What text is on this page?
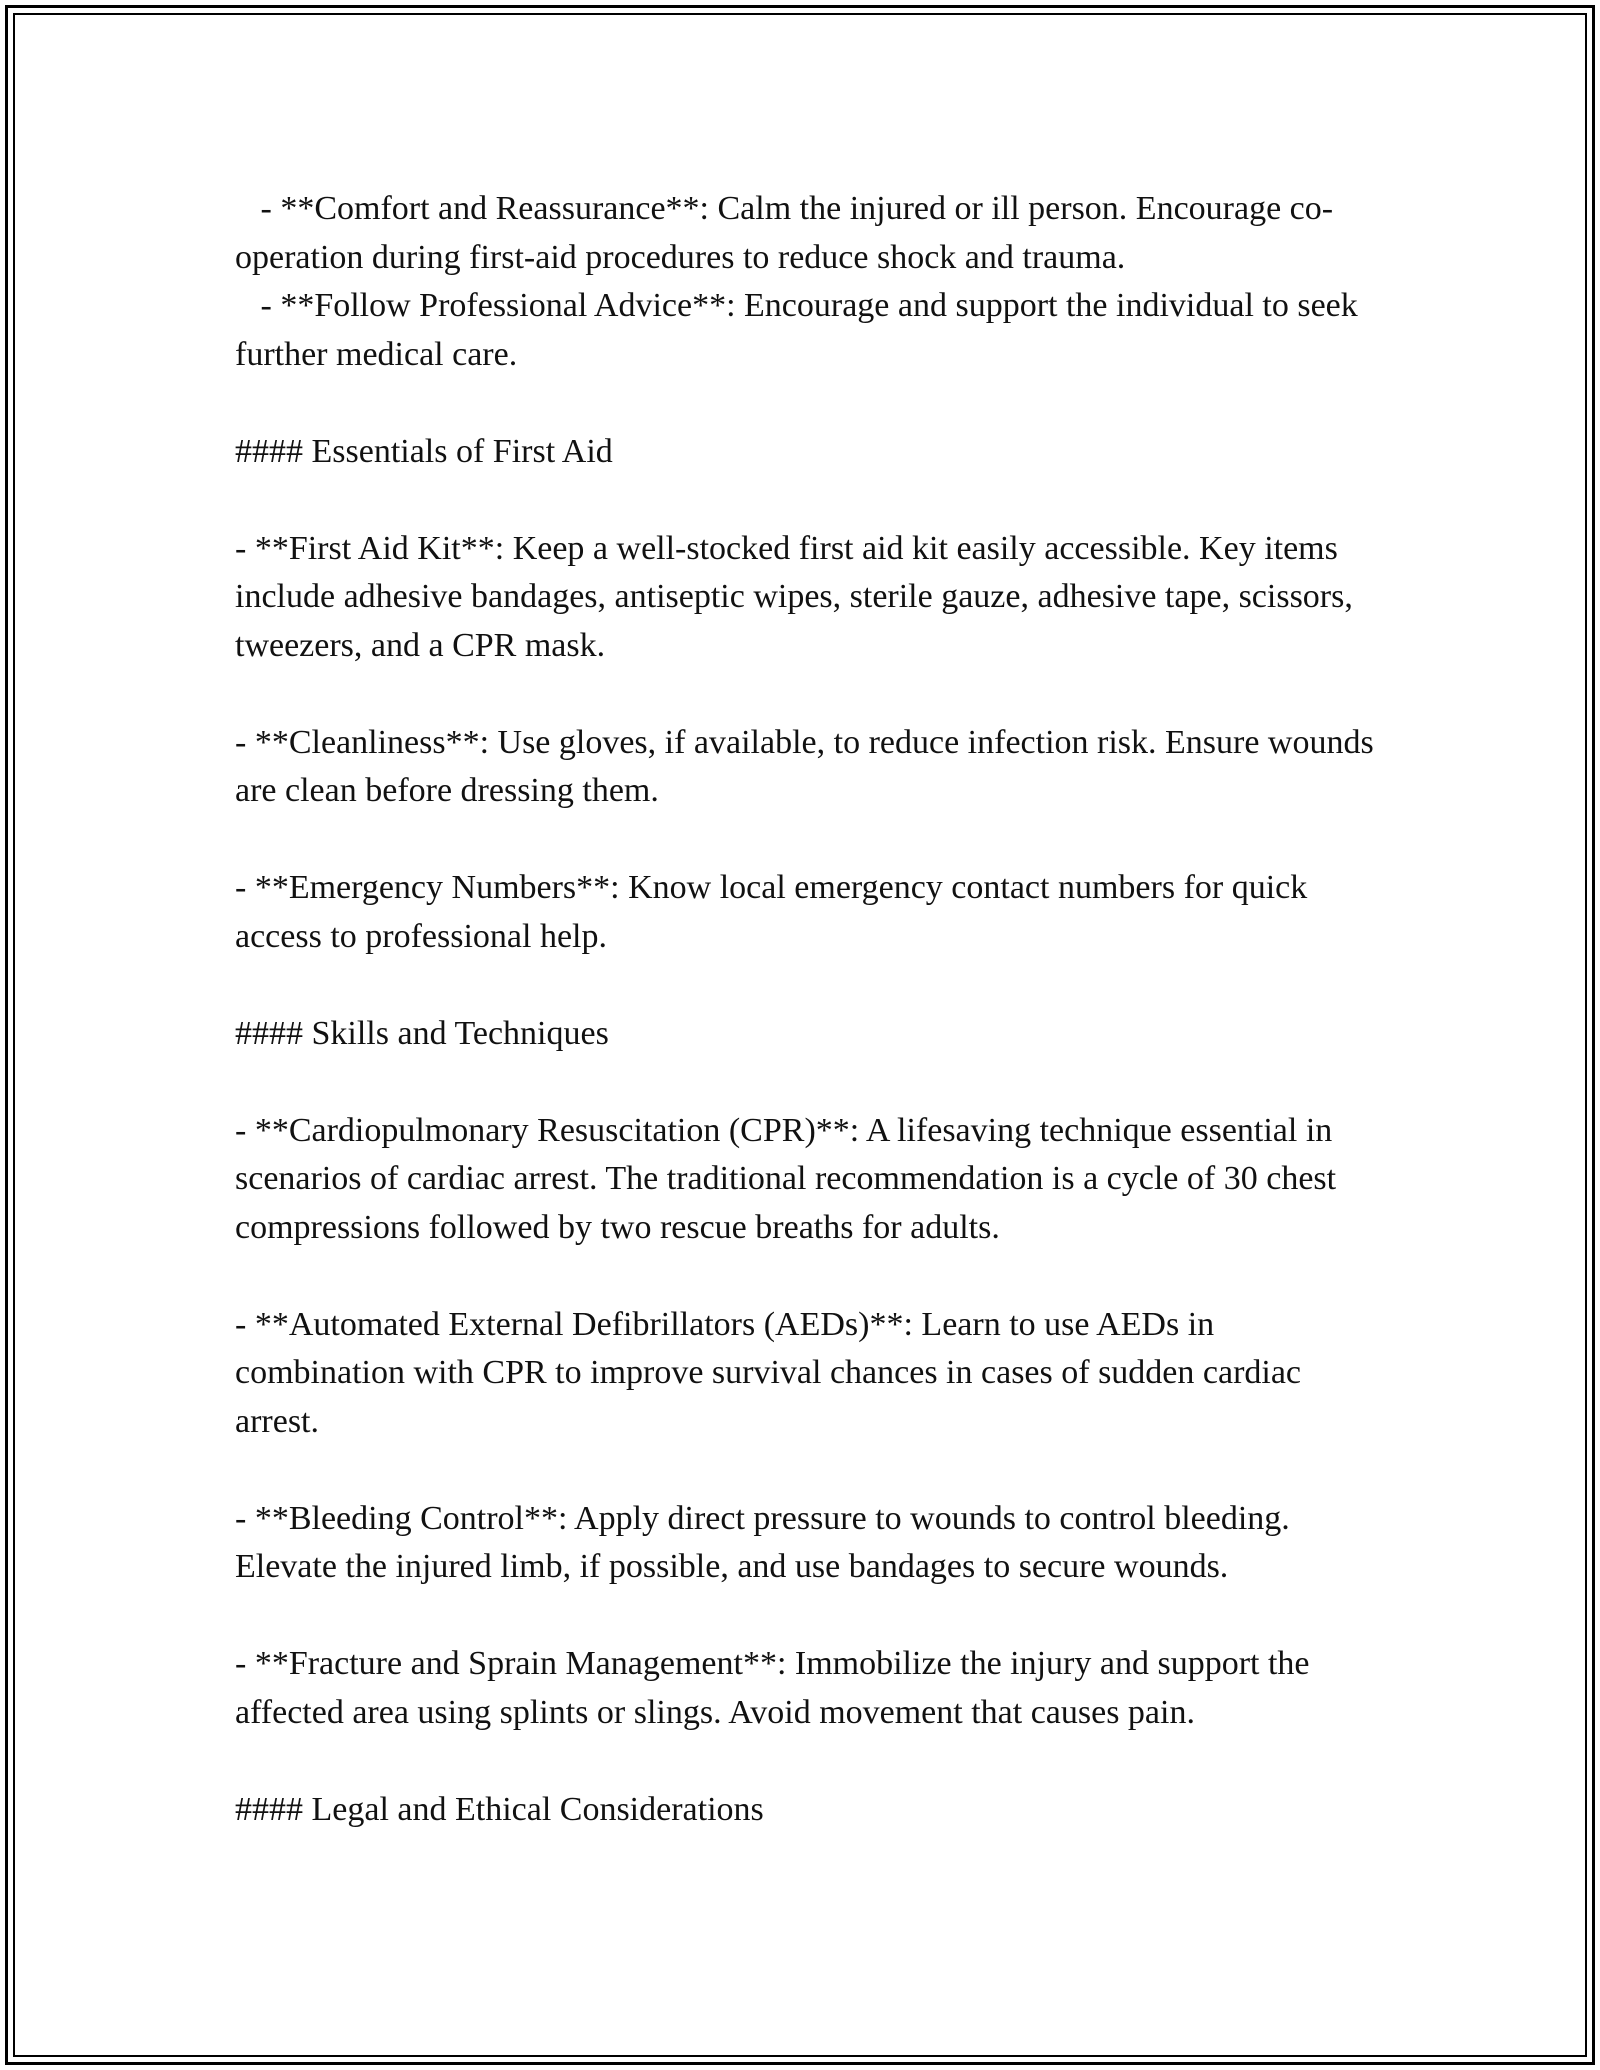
- **Comfort and Reassurance**: Calm the injured or ill person. Encourage co-operation during first-aid procedures to reduce shock and trauma.

- **Follow Professional Advice**: Encourage and support the individual to seek further medical care.

#### Essentials of First Aid

- **First Aid Kit**: Keep a well-stocked first aid kit easily accessible. Key items include adhesive bandages, antiseptic wipes, sterile gauze, adhesive tape, scissors, tweezers, and a CPR mask.

- **Cleanliness**: Use gloves, if available, to reduce infection risk. Ensure wounds are clean before dressing them.

- **Emergency Numbers**: Know local emergency contact numbers for quick access to professional help.

#### Skills and Techniques

- **Cardiopulmonary Resuscitation (CPR)**: A lifesaving technique essential in scenarios of cardiac arrest. The traditional recommendation is a cycle of 30 chest compressions followed by two rescue breaths for adults.

- **Automated External Defibrillators (AEDs)**: Learn to use AEDs in combination with CPR to improve survival chances in cases of sudden cardiac arrest.

- **Bleeding Control**: Apply direct pressure to wounds to control bleeding. Elevate the injured limb, if possible, and use bandages to secure wounds.

- **Fracture and Sprain Management**: Immobilize the injury and support the affected area using splints or slings. Avoid movement that causes pain.

#### Legal and Ethical Considerations
